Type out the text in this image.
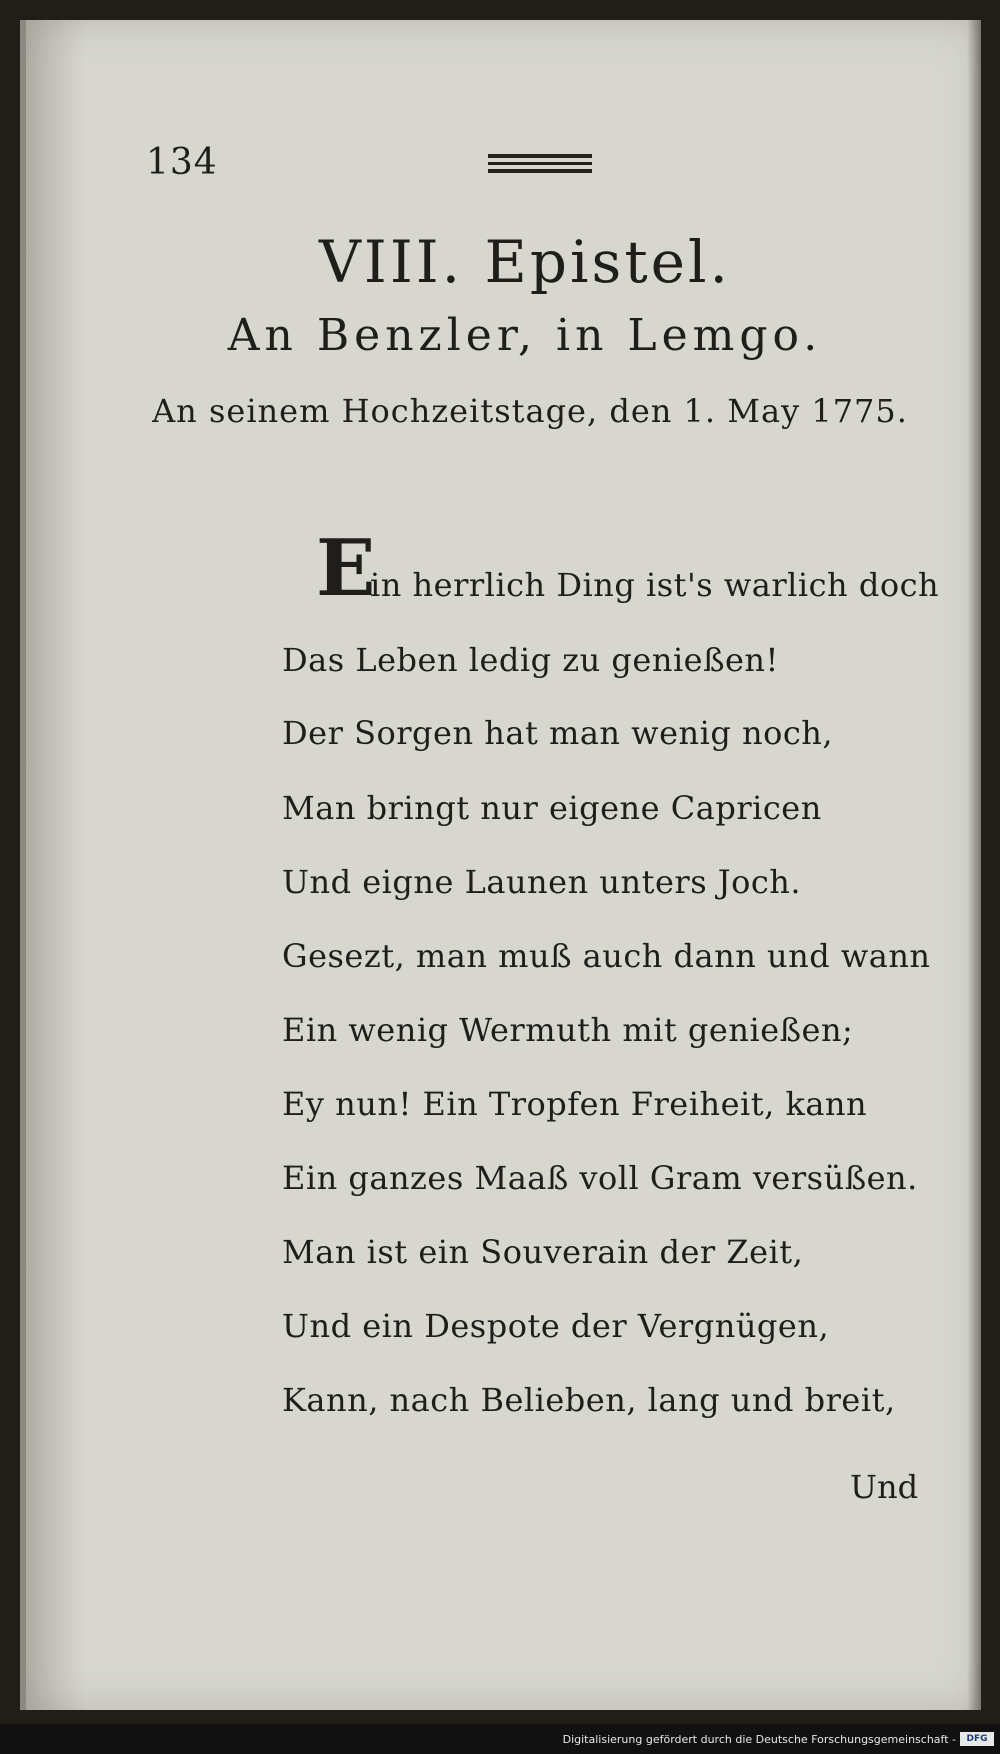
134
VIII. Epistel.
An Benzler, in Lemgo.
An seinem Hochzeitstage, den 1. May 1775.
E
in herrlich Ding ist's warlich doch
Das Leben ledig zu genießen!
Der Sorgen hat man wenig noch,
Man bringt nur eigene Capricen
Und eigne Launen unters Joch.
Gesezt, man muß auch dann und wann
Ein wenig Wermuth mit genießen;
Ey nun! Ein Tropfen Freiheit, kann
Ein ganzes Maaß voll Gram versüßen.
Man ist ein Souverain der Zeit,
Und ein Despote der Vergnügen,
Kann, nach Belieben, lang und breit,
Und
Digitalisierung gefördert durch die Deutsche Forschungsgemeinschaft -	DFG
